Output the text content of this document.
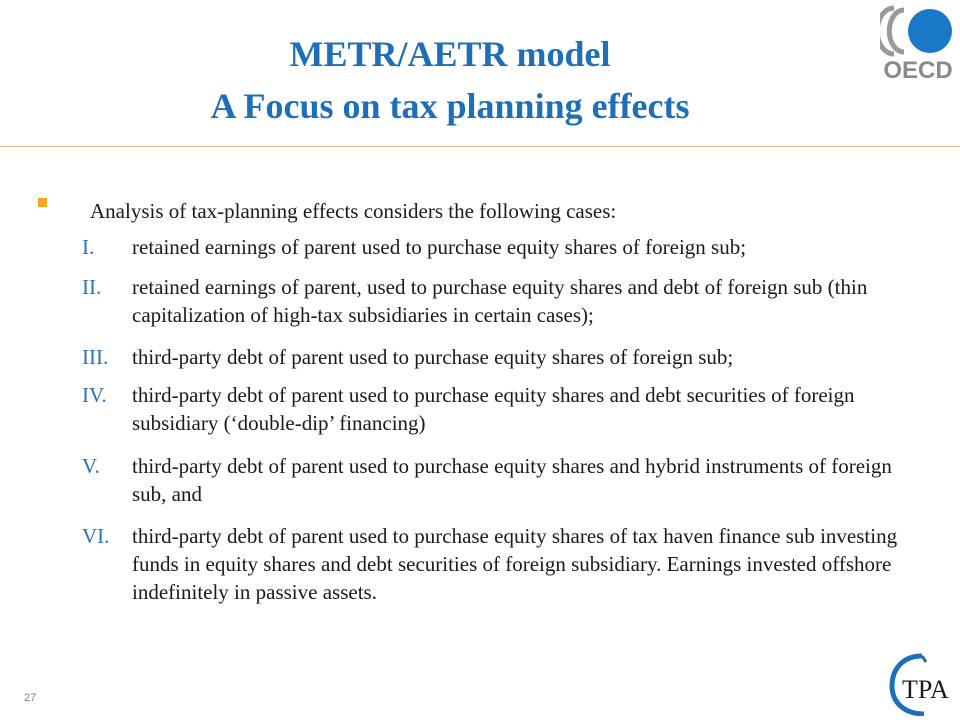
METR/AETR model
A Focus on tax planning effects
OECD
Analysis of tax-planning effects considers the following cases:
I. retained earnings of parent used to purchase equity shares of foreign sub;
II. retained earnings of parent, used to purchase equity shares and debt of foreign sub (thin capitalization of high-tax subsidiaries in certain cases);
III. third-party debt of parent used to purchase equity shares of foreign sub;
IV. third-party debt of parent used to purchase equity shares and debt securities of foreign subsidiary (‘double-dip’ financing)
V. third-party debt of parent used to purchase equity shares and hybrid instruments of foreign sub, and
VI. third-party debt of parent used to purchase equity shares of tax haven finance sub investing funds in equity shares and debt securities of foreign subsidiary. Earnings invested offshore indefinitely in passive assets.
27	TPA
